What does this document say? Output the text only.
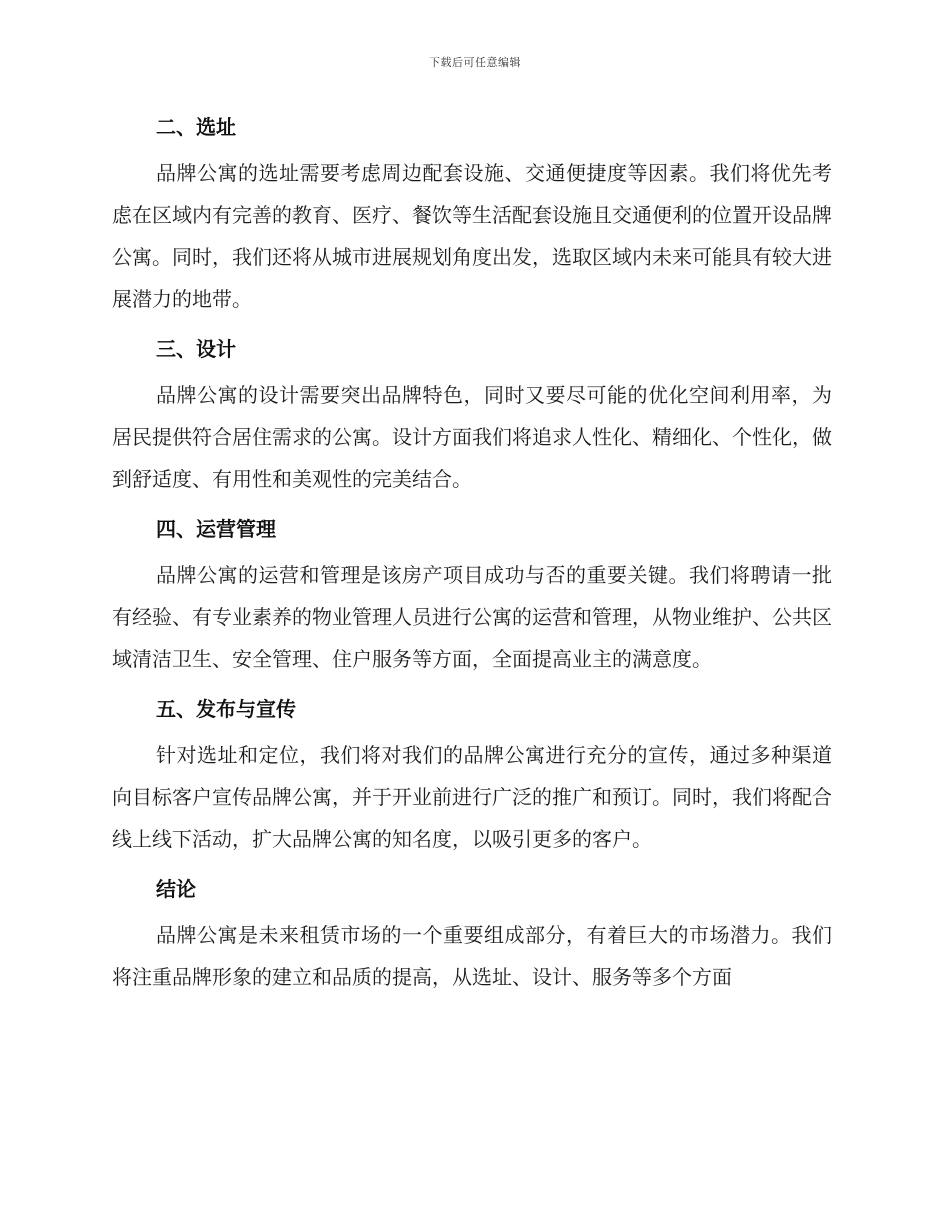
下载后可任意编辑
二、选址

品牌公寓的选址需要考虑周边配套设施、交通便捷度等因素。我们将优先考虑在区域内有完善的教育、医疗、餐饮等生活配套设施且交通便利的位置开设品牌公寓。同时，我们还将从城市进展规划角度出发，选取区域内未来可能具有较大进展潜力的地带。

三、设计

品牌公寓的设计需要突出品牌特色，同时又要尽可能的优化空间利用率，为居民提供符合居住需求的公寓。设计方面我们将追求人性化、精细化、个性化，做到舒适度、有用性和美观性的完美结合。

四、运营管理

品牌公寓的运营和管理是该房产项目成功与否的重要关键。我们将聘请一批有经验、有专业素养的物业管理人员进行公寓的运营和管理，从物业维护、公共区域清洁卫生、安全管理、住户服务等方面，全面提高业主的满意度。

五、发布与宣传

针对选址和定位，我们将对我们的品牌公寓进行充分的宣传，通过多种渠道向目标客户宣传品牌公寓，并于开业前进行广泛的推广和预订。同时，我们将配合线上线下活动，扩大品牌公寓的知名度，以吸引更多的客户。

结论

品牌公寓是未来租赁市场的一个重要组成部分，有着巨大的市场潜力。我们将注重品牌形象的建立和品质的提高，从选址、设计、服务等多个方面
